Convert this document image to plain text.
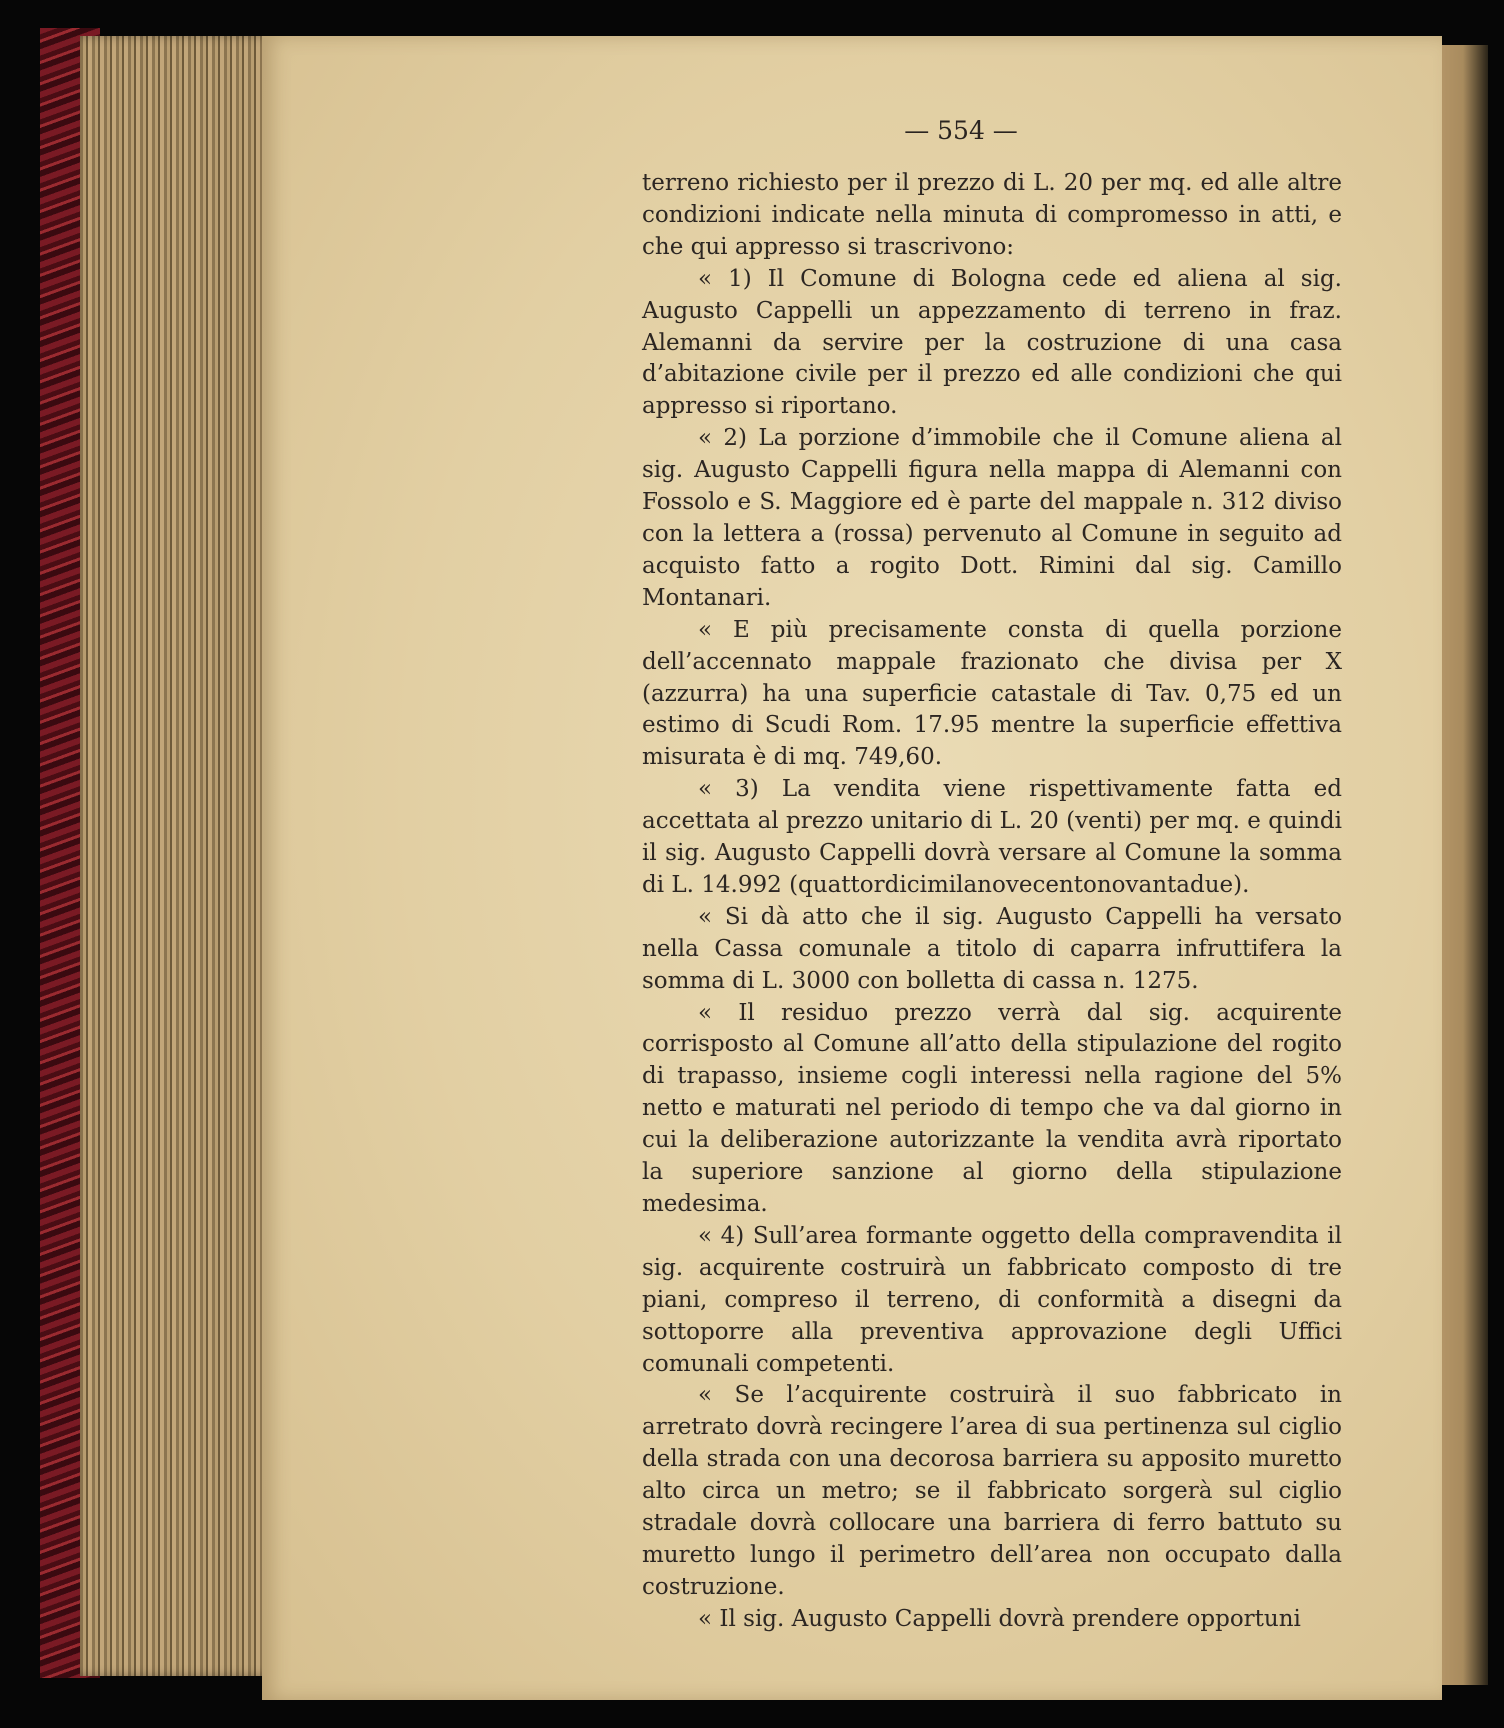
— 554 —

terreno richiesto per il prezzo di L. 20 per mq. ed alle altre condizioni indicate nella minuta di compromesso in atti, e che qui appresso si trascrivono:

« 1) Il Comune di Bologna cede ed aliena al sig. Augusto Cappelli un appezzamento di terreno in fraz. Alemanni da servire per la costruzione di una casa d’abitazione civile per il prezzo ed alle condizioni che qui appresso si riportano.

« 2) La porzione d’immobile che il Comune aliena al sig. Augusto Cappelli figura nella mappa di Alemanni con Fossolo e S. Maggiore ed è parte del mappale n. 312 diviso con la lettera a (rossa) pervenuto al Comune in seguito ad acquisto fatto a rogito Dott. Rimini dal sig. Camillo Montanari.

« E più precisamente consta di quella porzione dell’accennato mappale frazionato che divisa per X (azzurra) ha una superficie catastale di Tav. 0,75 ed un estimo di Scudi Rom. 17.95 mentre la superficie effettiva misurata è di mq. 749,60.

« 3) La vendita viene rispettivamente fatta ed accettata al prezzo unitario di L. 20 (venti) per mq. e quindi il sig. Augusto Cappelli dovrà versare al Comune la somma di L. 14.992 (quattordicimilanovecentonovantadue).

« Si dà atto che il sig. Augusto Cappelli ha versato nella Cassa comunale a titolo di caparra infruttifera la somma di L. 3000 con bolletta di cassa n. 1275.

« Il residuo prezzo verrà dal sig. acquirente corrisposto al Comune all’atto della stipulazione del rogito di trapasso, insieme cogli interessi nella ragione del 5% netto e maturati nel periodo di tempo che va dal giorno in cui la deliberazione autorizzante la vendita avrà riportato la superiore sanzione al giorno della stipulazione medesima.

« 4) Sull’area formante oggetto della compravendita il sig. acquirente costruirà un fabbricato composto di tre piani, compreso il terreno, di conformità a disegni da sottoporre alla preventiva approvazione degli Uffici comunali competenti.

« Se l’acquirente costruirà il suo fabbricato in arretrato dovrà recingere l’area di sua pertinenza sul ciglio della strada con una decorosa barriera su apposito muretto alto circa un metro; se il fabbricato sorgerà sul ciglio stradale dovrà collocare una barriera di ferro battuto su muretto lungo il perimetro dell’area non occupato dalla costruzione.

« Il sig. Augusto Cappelli dovrà prendere opportuni
